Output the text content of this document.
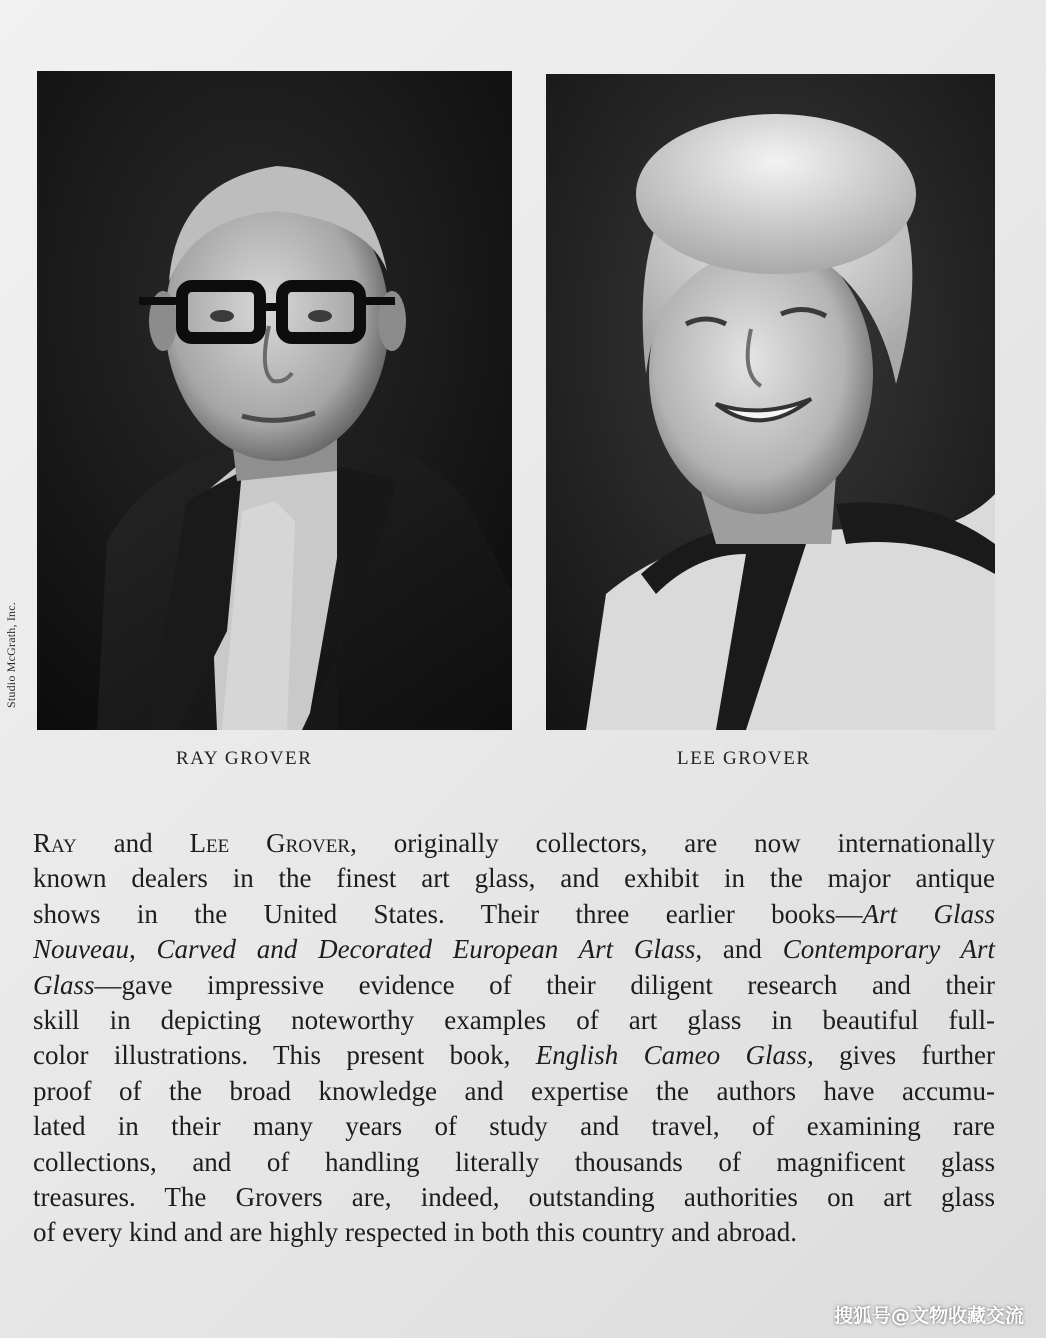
Studio McGrath, Inc.
RAY GROVER	LEE GROVER
Ray and Lee Grover, originally collectors, are now internationally
known dealers in the finest art glass, and exhibit in the major antique
shows in the United States. Their three earlier books—Art Glass
Nouveau, Carved and Decorated European Art Glass, and Contemporary Art
Glass—gave impressive evidence of their diligent research and their
skill in depicting noteworthy examples of art glass in beautiful full-
color illustrations. This present book, English Cameo Glass, gives further
proof of the broad knowledge and expertise the authors have accumu-
lated in their many years of study and travel, of examining rare
collections, and of handling literally thousands of magnificent glass
treasures. The Grovers are, indeed, outstanding authorities on art glass
of every kind and are highly respected in both this country and abroad.
搜狐号@文物收藏交流
